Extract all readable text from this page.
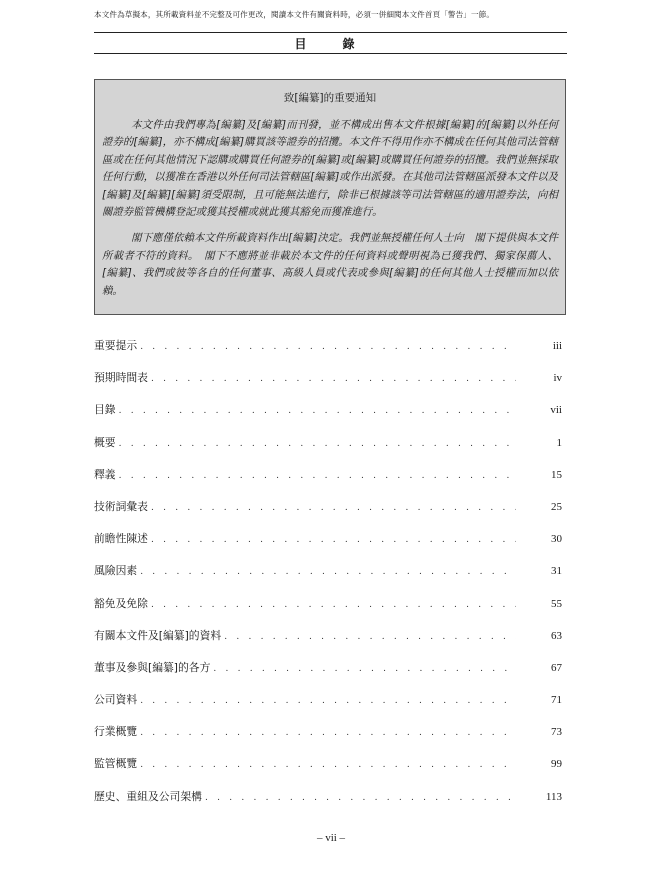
本文件為草擬本，其所載資料並不完整及可作更改，閱讀本文件有關資料時，必須一併細閱本文件首頁「警告」一節。
目　錄
致[編纂]的重要通知

本文件由我們專為[編纂]及[編纂]而刊發，並不構成出售本文件根據[編纂]的[編纂]以外任何證券的[編纂]，亦不構成[編纂]購買該等證券的招攬。本文件不得用作亦不構成在任何其他司法管轄區或在任何其他情況下認購或購買任何證券的[編纂]或[編纂]或購買任何證券的招攬。我們並無採取任何行動，以獲准在香港以外任何司法管轄區[編纂]或作出派發。在其他司法管轄區派發本文件以及[編纂]及[編纂][編纂]須受限制，且可能無法進行，除非已根據該等司法管轄區的適用證券法，向相關證券監管機構登記或獲其授權或就此獲其豁免而獲准進行。

閣下應僅依賴本文件所載資料作出[編纂]決定。我們並無授權任何人士向　閣下提供與本文件所載者不符的資料。　閣下不應將並非載於本文件的任何資料或聲明視為已獲我們、獨家保薦人、[編纂]、我們或彼等各自的任何董事、高級人員或代表或參與[編纂]的任何其他人士授權而加以依賴。

重要提示 . . .	iii
預期時間表 . . .	iv
目錄 . . .	vii
概要 . . .	1
釋義 . . .	15
技術詞彙表 . . .	25
前瞻性陳述 . . .	30
風險因素 . . .	31
豁免及免除 . . .	55
有關本文件及[編纂]的資料 . . .	63
董事及參與[編纂]的各方 . . .	67
公司資料 . . .	71
行業概覽 . . .	73
監管概覽 . . .	99
歷史、重組及公司架構 . . .	113
– vii –
